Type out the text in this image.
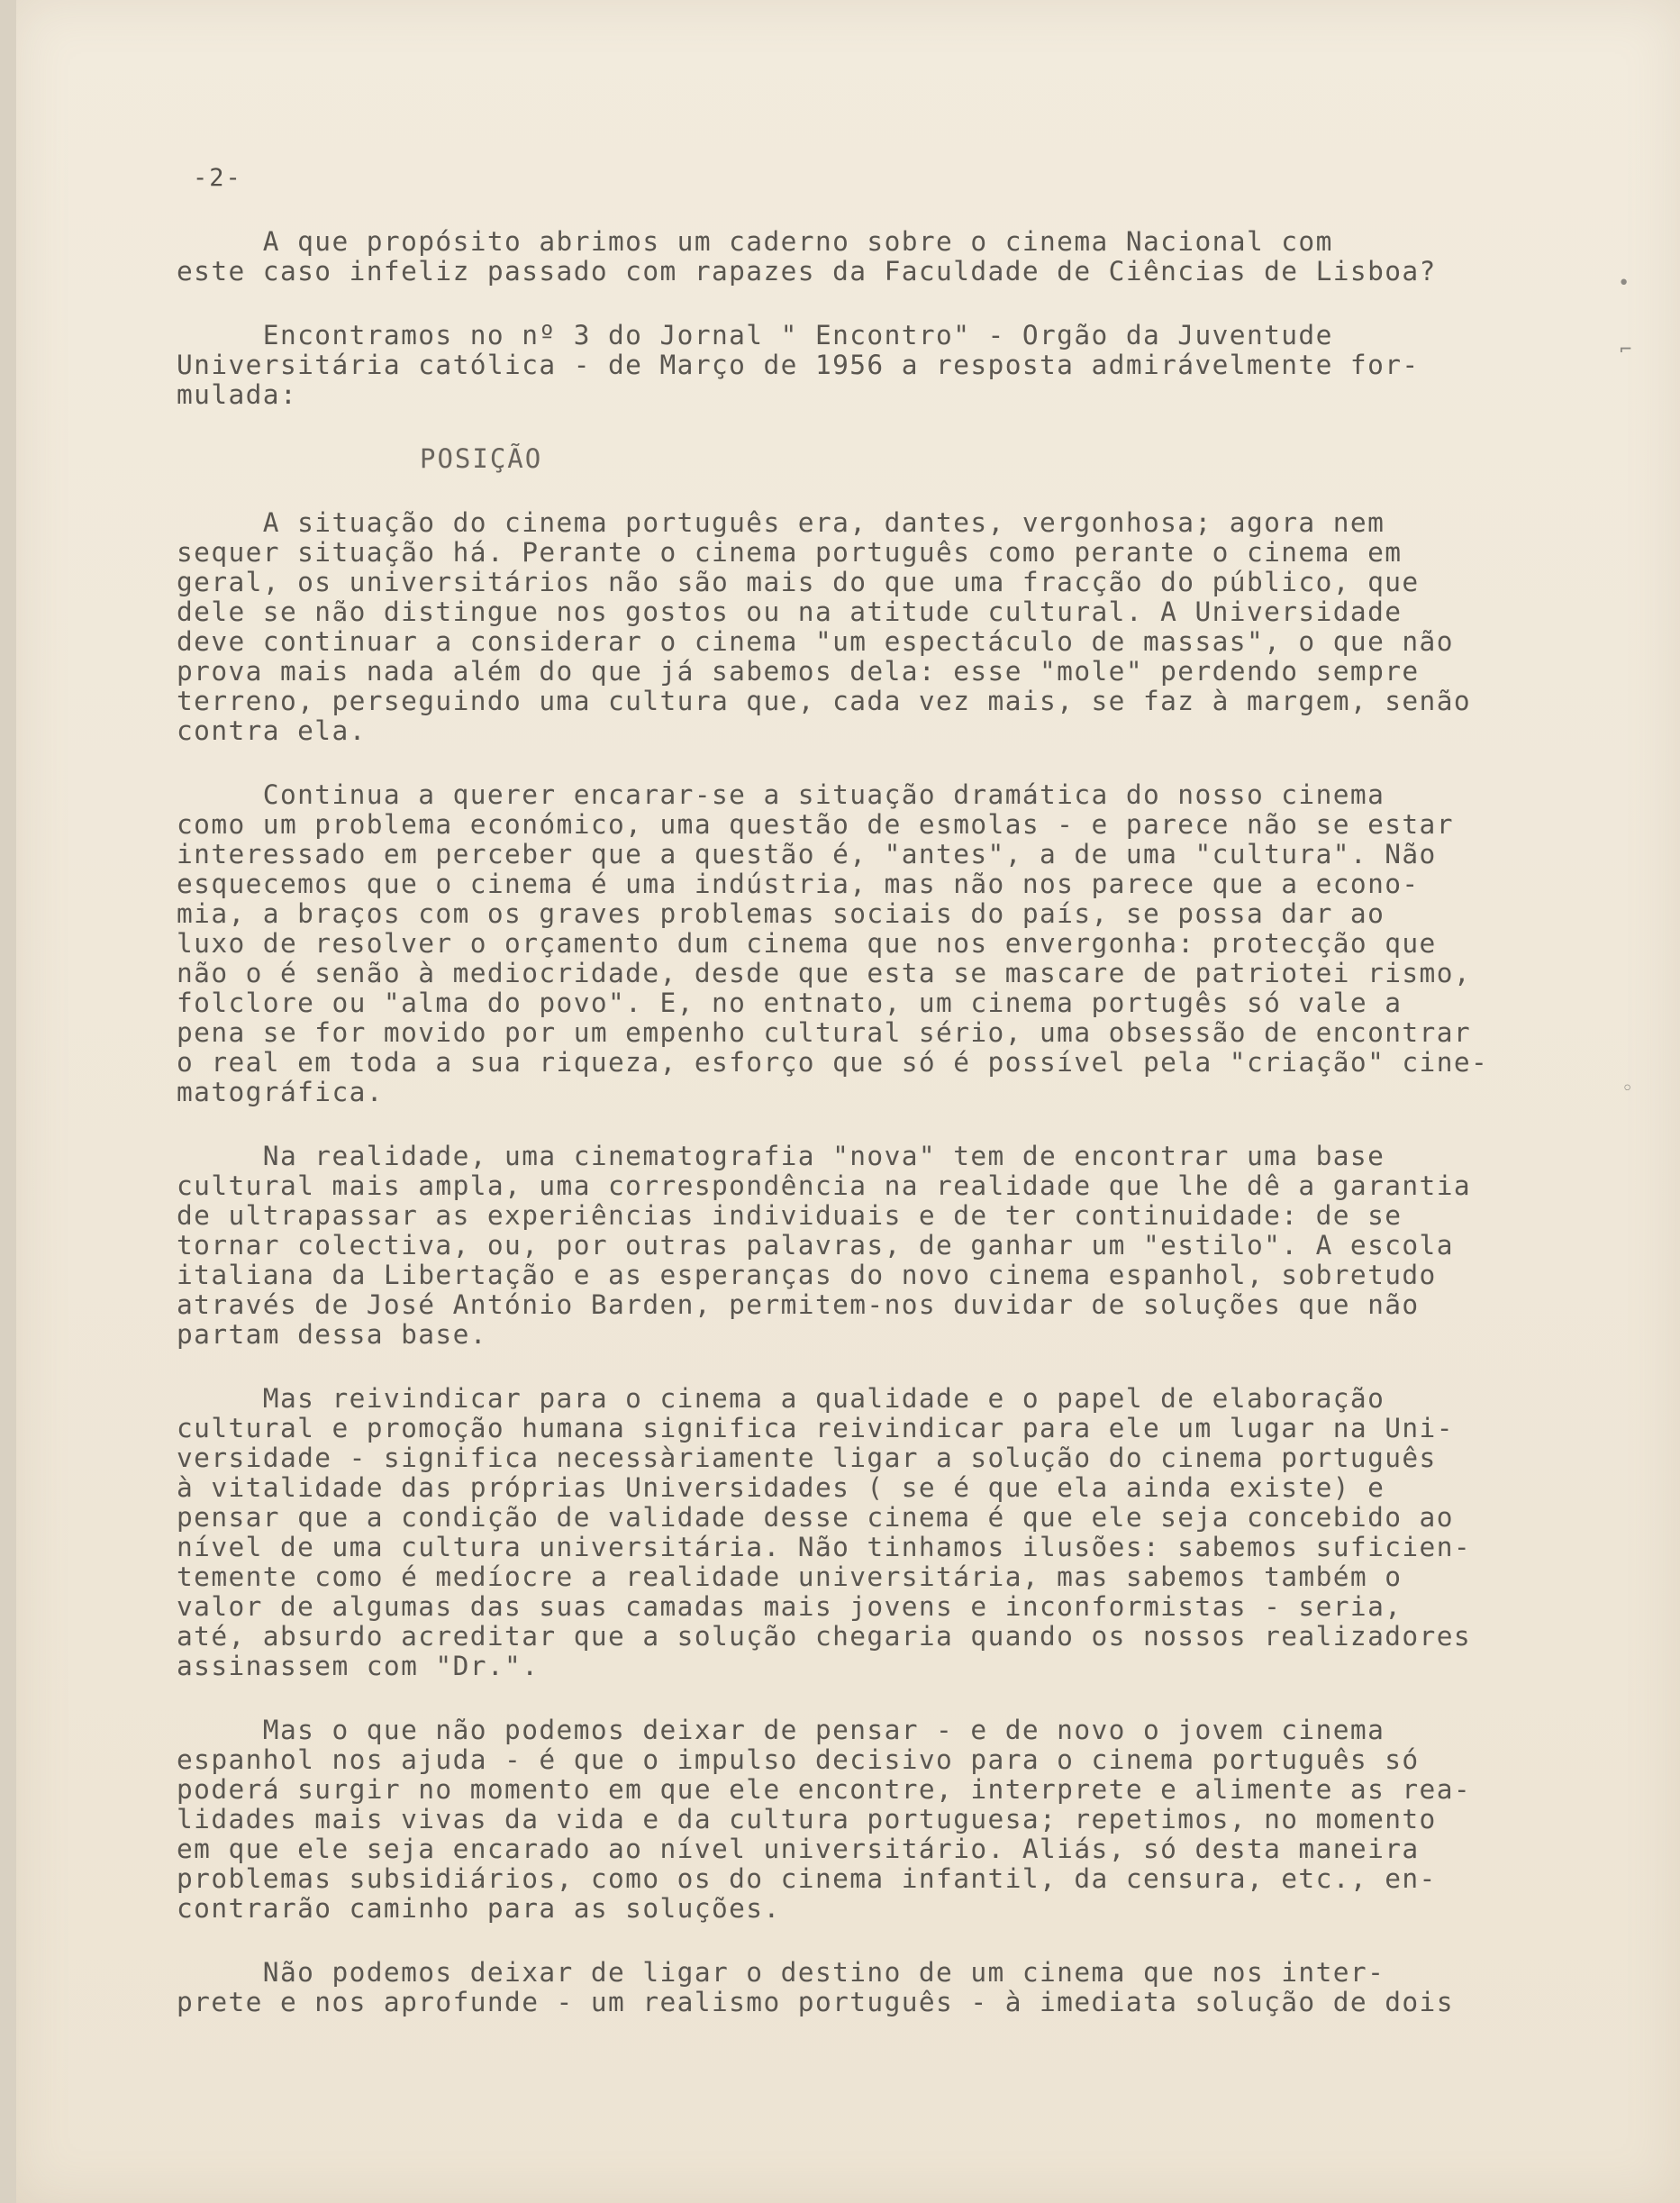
-2-
•
⌐
◦
A que propósito abrimos um caderno sobre o cinema Nacional com
este caso infeliz passado com rapazes da Faculdade de Ciências de Lisboa?
Encontramos no nº 3 do Jornal " Encontro" - Orgão da Juventude
Universitária católica - de Março de 1956 a resposta admirávelmente for-
mulada:
POSIÇÃO
A situação do cinema português era, dantes, vergonhosa; agora nem
sequer situação há. Perante o cinema português como perante o cinema em
geral, os universitários não são mais do que uma fracção do público, que
dele se não distingue nos gostos ou na atitude cultural. A Universidade
deve continuar a considerar o cinema "um espectáculo de massas", o que não
prova mais nada além do que já sabemos dela: esse "mole" perdendo sempre
terreno, perseguindo uma cultura que, cada vez mais, se faz à margem, senão
contra ela.
Continua a querer encarar-se a situação dramática do nosso cinema
como um problema económico, uma questão de esmolas - e parece não se estar
interessado em perceber que a questão é, "antes", a de uma "cultura". Não
esquecemos que o cinema é uma indústria, mas não nos parece que a econo-
mia, a braços com os graves problemas sociais do país, se possa dar ao
luxo de resolver o orçamento dum cinema que nos envergonha: protecção que
não o é senão à mediocridade, desde que esta se mascare de patriotei rismo,
folclore ou "alma do povo". E, no entnato, um cinema portugês só vale a
pena se for movido por um empenho cultural sério, uma obsessão de encontrar
o real em toda a sua riqueza, esforço que só é possível pela "criação" cine-
matográfica.
Na realidade, uma cinematografia "nova" tem de encontrar uma base
cultural mais ampla, uma correspondência na realidade que lhe dê a garantia
de ultrapassar as experiências individuais e de ter continuidade: de se
tornar colectiva, ou, por outras palavras, de ganhar um "estilo". A escola
italiana da Libertação e as esperanças do novo cinema espanhol, sobretudo
através de José António Barden, permitem-nos duvidar de soluções que não
partam dessa base.
Mas reivindicar para o cinema a qualidade e o papel de elaboração
cultural e promoção humana significa reivindicar para ele um lugar na Uni-
versidade - significa necessàriamente ligar a solução do cinema português
à vitalidade das próprias Universidades ( se é que ela ainda existe) e
pensar que a condição de validade desse cinema é que ele seja concebido ao
nível de uma cultura universitária. Não tinhamos ilusões: sabemos suficien-
temente como é medíocre a realidade universitária, mas sabemos também o
valor de algumas das suas camadas mais jovens e inconformistas - seria,
até, absurdo acreditar que a solução chegaria quando os nossos realizadores
assinassem com "Dr.".
Mas o que não podemos deixar de pensar - e de novo o jovem cinema
espanhol nos ajuda - é que o impulso decisivo para o cinema português só
poderá surgir no momento em que ele encontre, interprete e alimente as rea-
lidades mais vivas da vida e da cultura portuguesa; repetimos, no momento
em que ele seja encarado ao nível universitário. Aliás, só desta maneira
problemas subsidiários, como os do cinema infantil, da censura, etc., en-
contrarão caminho para as soluções.
Não podemos deixar de ligar o destino de um cinema que nos inter-
prete e nos aprofunde - um realismo português - à imediata solução de dois
